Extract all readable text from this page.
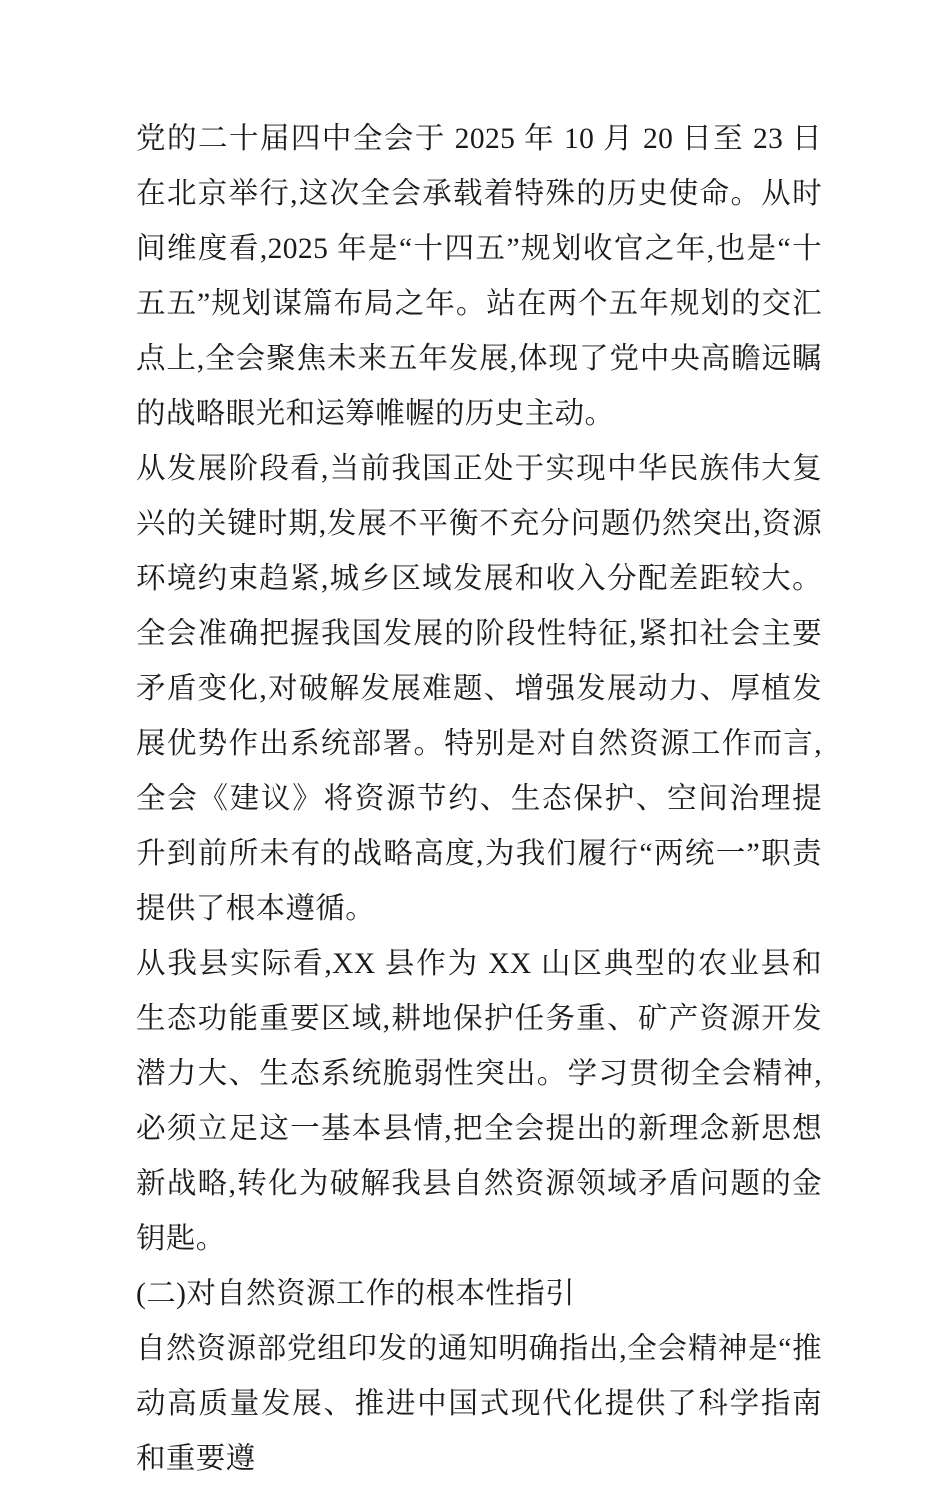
党的二十届四中全会于 2025 年 10 月 20 日至 23 日在北京举行,这次全会承载着特殊的历史使命。从时间维度看,2025 年是“十四五”规划收官之年,也是“十五五”规划谋篇布局之年。站在两个五年规划的交汇点上,全会聚焦未来五年发展,体现了党中央高瞻远瞩的战略眼光和运筹帷幄的历史主动。

从发展阶段看,当前我国正处于实现中华民族伟大复兴的关键时期,发展不平衡不充分问题仍然突出,资源环境约束趋紧,城乡区域发展和收入分配差距较大。全会准确把握我国发展的阶段性特征,紧扣社会主要矛盾变化,对破解发展难题、增强发展动力、厚植发展优势作出系统部署。特别是对自然资源工作而言,全会《建议》将资源节约、生态保护、空间治理提升到前所未有的战略高度,为我们履行“两统一”职责提供了根本遵循。

从我县实际看,XX 县作为 XX 山区典型的农业县和生态功能重要区域,耕地保护任务重、矿产资源开发潜力大、生态系统脆弱性突出。学习贯彻全会精神,必须立足这一基本县情,把全会提出的新理念新思想新战略,转化为破解我县自然资源领域矛盾问题的金钥匙。

(二)对自然资源工作的根本性指引

自然资源部党组印发的通知明确指出,全会精神是“推动高质量发展、推进中国式现代化提供了科学指南和重要遵
